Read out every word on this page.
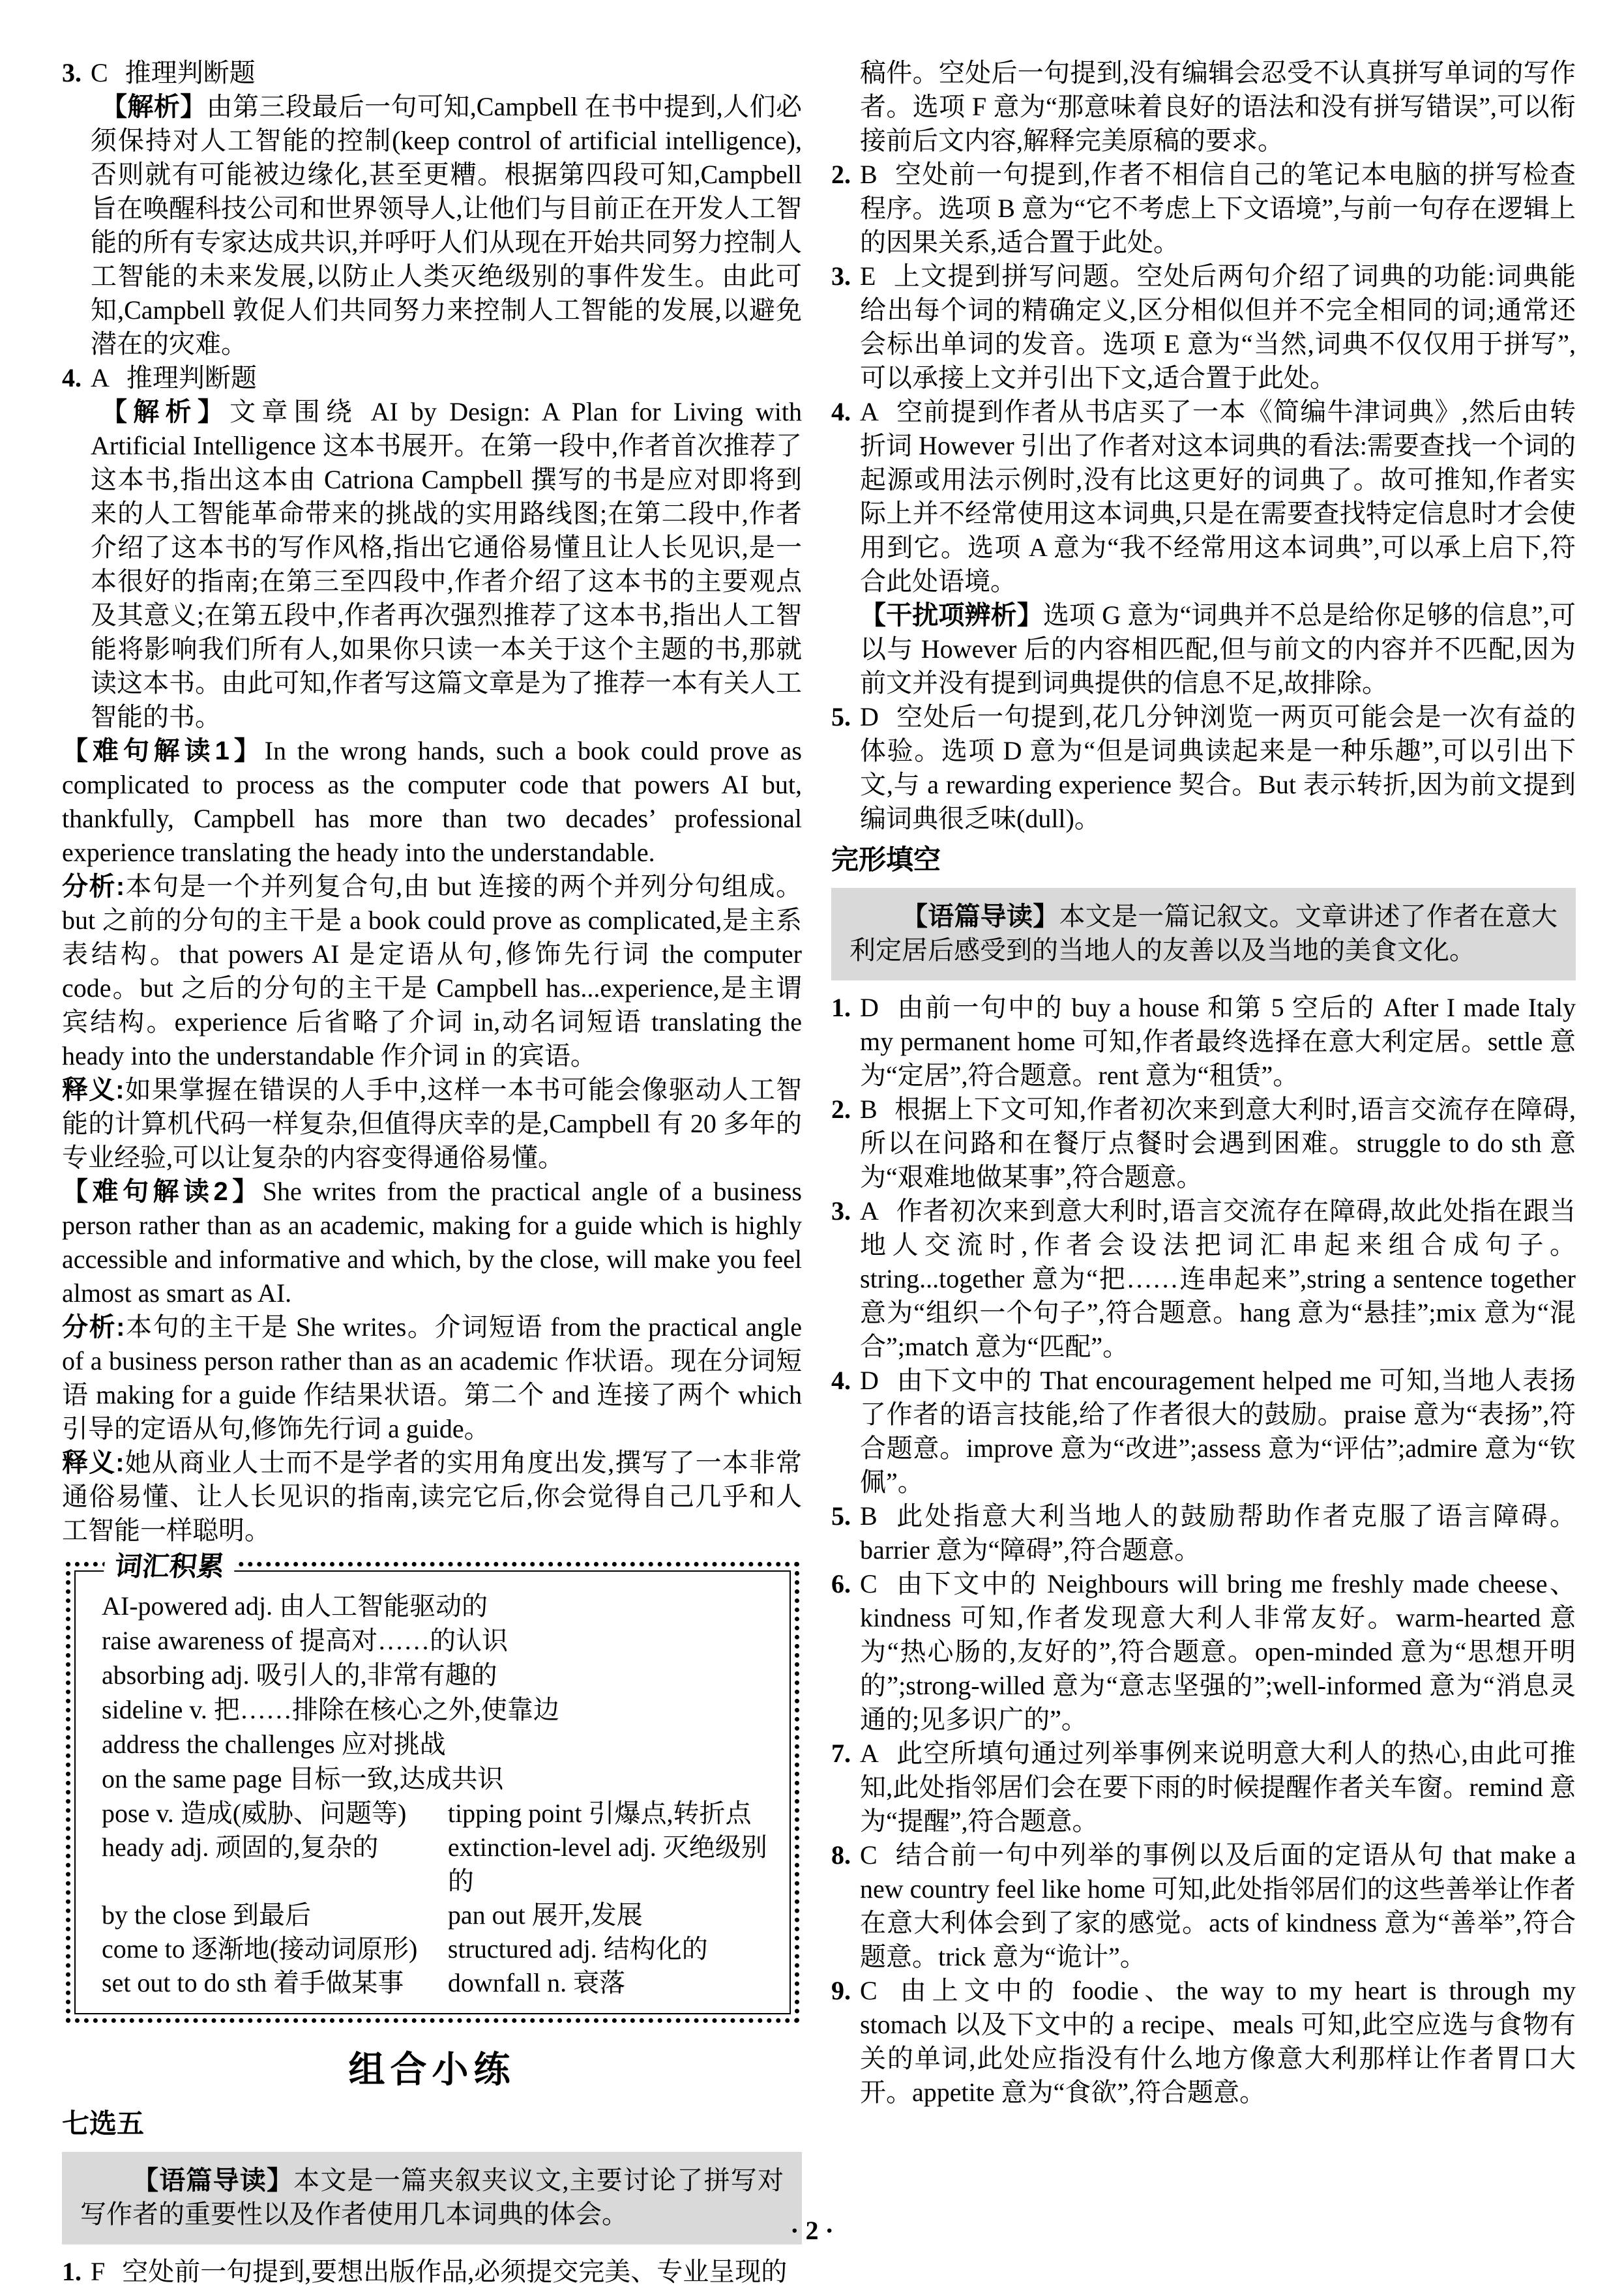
3. C 推理判断题
【解析】由第三段最后一句可知,Campbell 在书中提到,人们必须保持对人工智能的控制(keep control of artificial intelligence),否则就有可能被边缘化,甚至更糟。根据第四段可知,Campbell 旨在唤醒科技公司和世界领导人,让他们与目前正在开发人工智能的所有专家达成共识,并呼吁人们从现在开始共同努力控制人工智能的未来发展,以防止人类灭绝级别的事件发生。由此可知,Campbell 敦促人们共同努力来控制人工智能的发展,以避免潜在的灾难。
4. A 推理判断题
【解析】文章围绕 AI by Design: A Plan for Living with Artificial Intelligence 这本书展开。在第一段中,作者首次推荐了这本书,指出这本由 Catriona Campbell 撰写的书是应对即将到来的人工智能革命带来的挑战的实用路线图;在第二段中,作者介绍了这本书的写作风格,指出它通俗易懂且让人长见识,是一本很好的指南;在第三至四段中,作者介绍了这本书的主要观点及其意义;在第五段中,作者再次强烈推荐了这本书,指出人工智能将影响我们所有人,如果你只读一本关于这个主题的书,那就读这本书。由此可知,作者写这篇文章是为了推荐一本有关人工智能的书。
【难句解读1】In the wrong hands, such a book could prove as complicated to process as the computer code that powers AI but, thankfully, Campbell has more than two decades’ professional experience translating the heady into the understandable.
分析:本句是一个并列复合句,由 but 连接的两个并列分句组成。but 之前的分句的主干是 a book could prove as complicated,是主系表结构。that powers AI 是定语从句,修饰先行词 the computer code。but 之后的分句的主干是 Campbell has...experience,是主谓宾结构。experience 后省略了介词 in,动名词短语 translating the heady into the understandable 作介词 in 的宾语。
释义:如果掌握在错误的人手中,这样一本书可能会像驱动人工智能的计算机代码一样复杂,但值得庆幸的是,Campbell 有 20 多年的专业经验,可以让复杂的内容变得通俗易懂。
【难句解读2】She writes from the practical angle of a business person rather than as an academic, making for a guide which is highly accessible and informative and which, by the close, will make you feel almost as smart as AI.
分析:本句的主干是 She writes。介词短语 from the practical angle of a business person rather than as an academic 作状语。现在分词短语 making for a guide 作结果状语。第二个 and 连接了两个 which 引导的定语从句,修饰先行词 a guide。
释义:她从商业人士而不是学者的实用角度出发,撰写了一本非常通俗易懂、让人长见识的指南,读完它后,你会觉得自己几乎和人工智能一样聪明。
词汇积累
AI-powered adj. 由人工智能驱动的
raise awareness of 提高对……的认识
absorbing adj. 吸引人的,非常有趣的
sideline v. 把……排除在核心之外,使靠边
address the challenges 应对挑战
on the same page 目标一致,达成共识
pose v. 造成(威胁、问题等)	tipping point 引爆点,转折点
heady adj. 顽固的,复杂的	extinction-level adj. 灭绝级别的
by the close 到最后	pan out 展开,发展
come to 逐渐地(接动词原形)	structured adj. 结构化的
set out to do sth 着手做某事	downfall n. 衰落
组合小练
七选五
【语篇导读】本文是一篇夹叙夹议文,主要讨论了拼写对写作者的重要性以及作者使用几本词典的体会。
1. F 空处前一句提到,要想出版作品,必须提交完美、专业呈现的
稿件。空处后一句提到,没有编辑会忍受不认真拼写单词的写作者。选项 F 意为“那意味着良好的语法和没有拼写错误”,可以衔接前后文内容,解释完美原稿的要求。
2. B 空处前一句提到,作者不相信自己的笔记本电脑的拼写检查程序。选项 B 意为“它不考虑上下文语境”,与前一句存在逻辑上的因果关系,适合置于此处。
3. E 上文提到拼写问题。空处后两句介绍了词典的功能:词典能给出每个词的精确定义,区分相似但并不完全相同的词;通常还会标出单词的发音。选项 E 意为“当然,词典不仅仅用于拼写”,可以承接上文并引出下文,适合置于此处。
4. A 空前提到作者从书店买了一本《简编牛津词典》,然后由转折词 However 引出了作者对这本词典的看法:需要查找一个词的起源或用法示例时,没有比这更好的词典了。故可推知,作者实际上并不经常使用这本词典,只是在需要查找特定信息时才会使用到它。选项 A 意为“我不经常用这本词典”,可以承上启下,符合此处语境。
【干扰项辨析】选项 G 意为“词典并不总是给你足够的信息”,可以与 However 后的内容相匹配,但与前文的内容并不匹配,因为前文并没有提到词典提供的信息不足,故排除。
5. D 空处后一句提到,花几分钟浏览一两页可能会是一次有益的体验。选项 D 意为“但是词典读起来是一种乐趣”,可以引出下文,与 a rewarding experience 契合。But 表示转折,因为前文提到编词典很乏味(dull)。
完形填空
【语篇导读】本文是一篇记叙文。文章讲述了作者在意大利定居后感受到的当地人的友善以及当地的美食文化。
1. D 由前一句中的 buy a house 和第 5 空后的 After I made Italy my permanent home 可知,作者最终选择在意大利定居。settle 意为“定居”,符合题意。rent 意为“租赁”。
2. B 根据上下文可知,作者初次来到意大利时,语言交流存在障碍,所以在问路和在餐厅点餐时会遇到困难。struggle to do sth 意为“艰难地做某事”,符合题意。
3. A 作者初次来到意大利时,语言交流存在障碍,故此处指在跟当地人交流时,作者会设法把词汇串起来组合成句子。string...together 意为“把……连串起来”,string a sentence together 意为“组织一个句子”,符合题意。hang 意为“悬挂”;mix 意为“混合”;match 意为“匹配”。
4. D 由下文中的 That encouragement helped me 可知,当地人表扬了作者的语言技能,给了作者很大的鼓励。praise 意为“表扬”,符合题意。improve 意为“改进”;assess 意为“评估”;admire 意为“钦佩”。
5. B 此处指意大利当地人的鼓励帮助作者克服了语言障碍。barrier 意为“障碍”,符合题意。
6. C 由下文中的 Neighbours will bring me freshly made cheese、kindness 可知,作者发现意大利人非常友好。warm-hearted 意为“热心肠的,友好的”,符合题意。open-minded 意为“思想开明的”;strong-willed 意为“意志坚强的”;well-informed 意为“消息灵通的;见多识广的”。
7. A 此空所填句通过列举事例来说明意大利人的热心,由此可推知,此处指邻居们会在要下雨的时候提醒作者关车窗。remind 意为“提醒”,符合题意。
8. C 结合前一句中列举的事例以及后面的定语从句 that make a new country feel like home 可知,此处指邻居们的这些善举让作者在意大利体会到了家的感觉。acts of kindness 意为“善举”,符合题意。trick 意为“诡计”。
9. C 由上文中的 foodie、the way to my heart is through my stomach 以及下文中的 a recipe、meals 可知,此空应选与食物有关的单词,此处应指没有什么地方像意大利那样让作者胃口大开。appetite 意为“食欲”,符合题意。
· 2 ·
